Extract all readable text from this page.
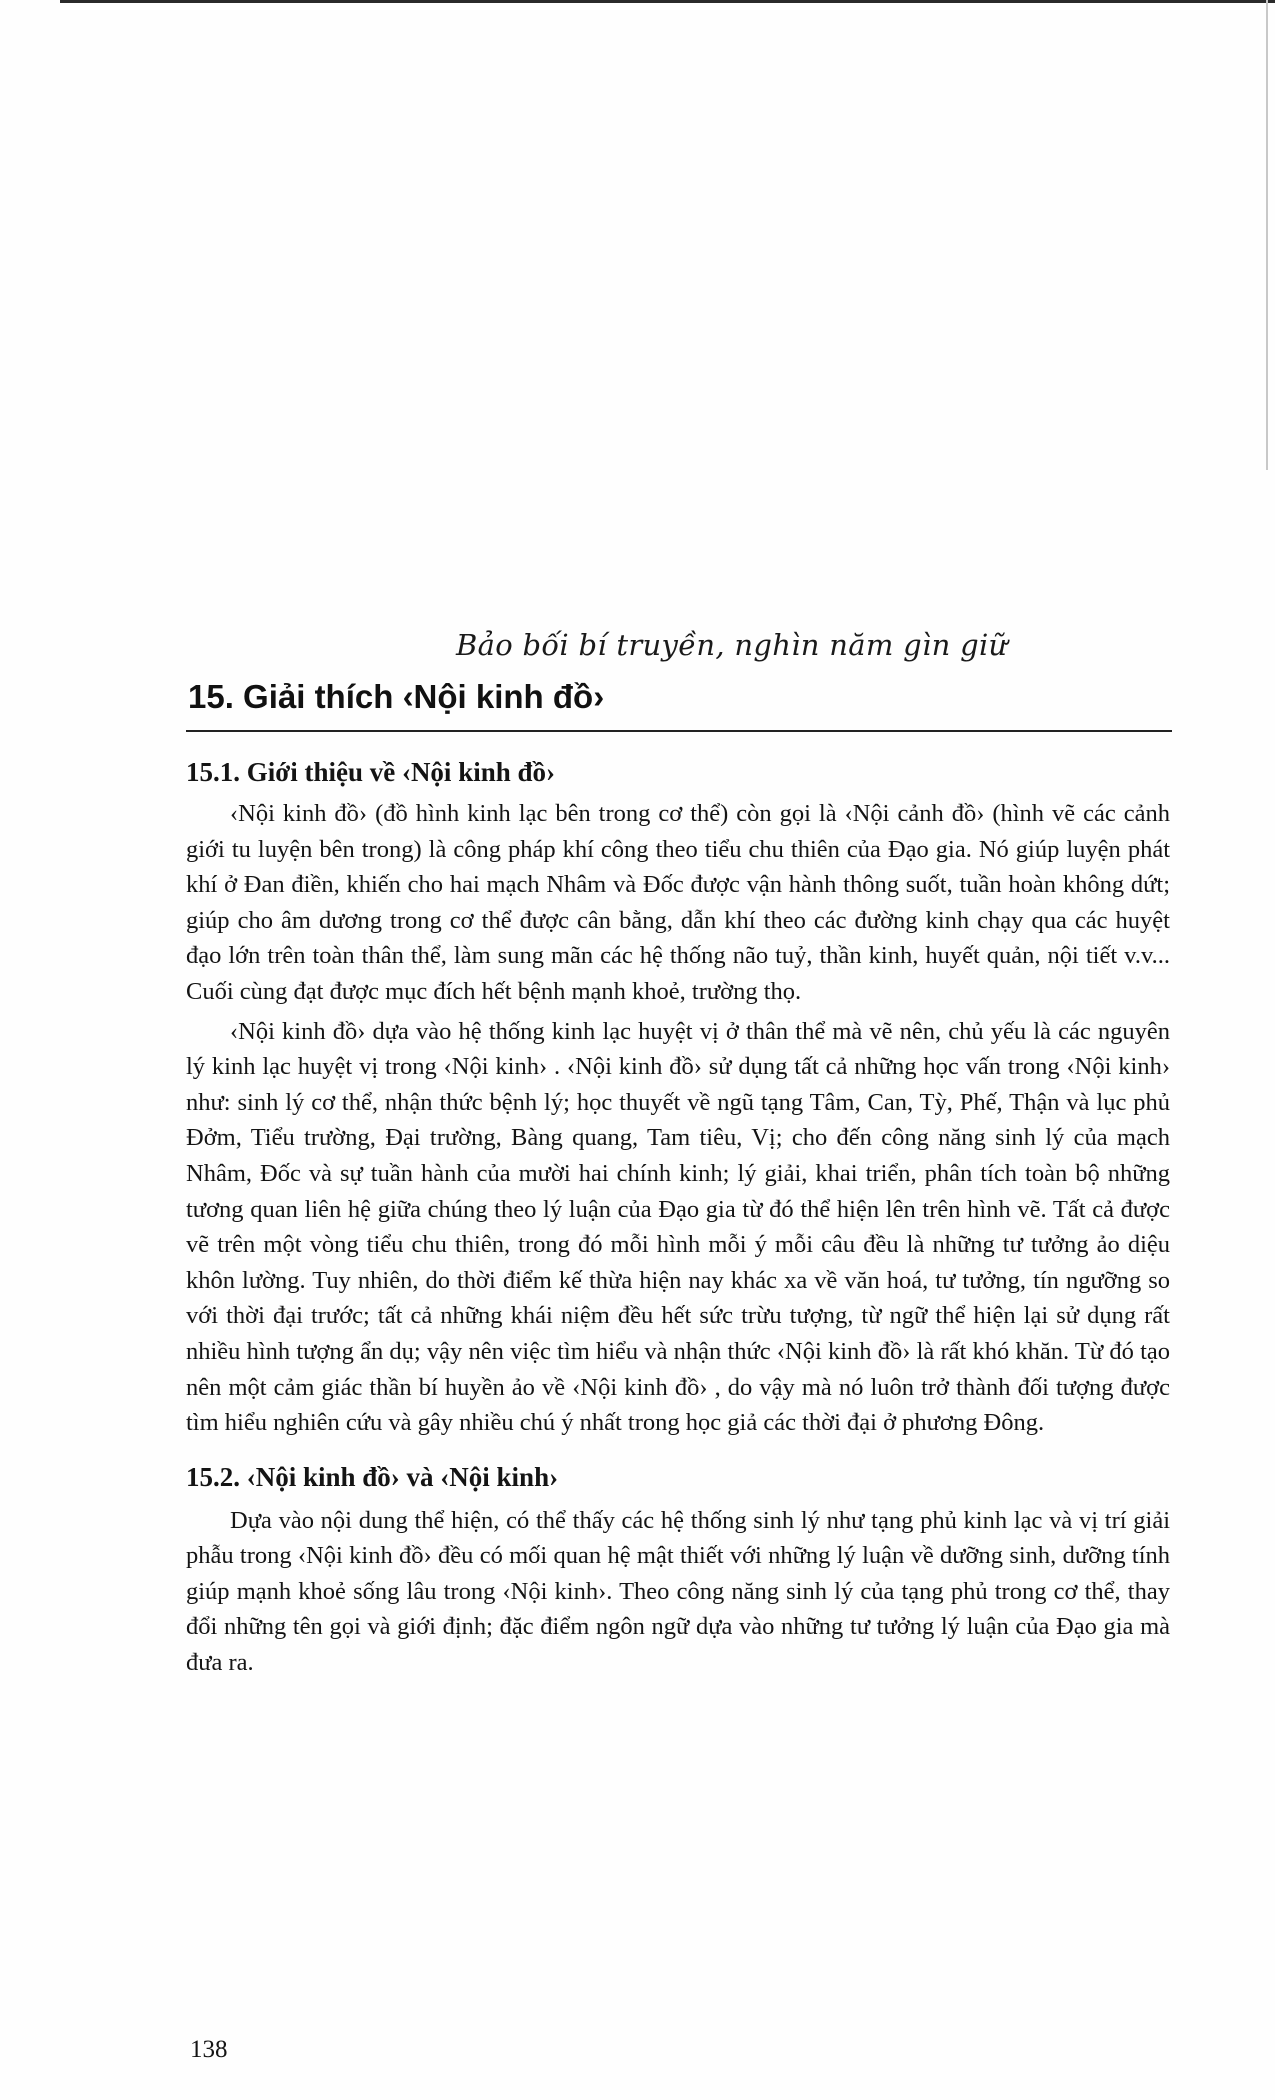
Bảo bối bí truyền, nghìn năm gìn giữ
15. Giải thích ‹Nội kinh đồ›
15.1. Giới thiệu về ‹Nội kinh đồ›

‹Nội kinh đồ› (đồ hình kinh lạc bên trong cơ thể) còn gọi là ‹Nội cảnh đồ› (hình vẽ các cảnh giới tu luyện bên trong) là công pháp khí công theo tiểu chu thiên của Đạo gia. Nó giúp luyện phát khí ở Đan điền, khiến cho hai mạch Nhâm và Đốc được vận hành thông suốt, tuần hoàn không dứt; giúp cho âm dương trong cơ thể được cân bằng, dẫn khí theo các đường kinh chạy qua các huyệt đạo lớn trên toàn thân thể, làm sung mãn các hệ thống não tuỷ, thần kinh, huyết quản, nội tiết v.v... Cuối cùng đạt được mục đích hết bệnh mạnh khoẻ, trường thọ.

‹Nội kinh đồ› dựa vào hệ thống kinh lạc huyệt vị ở thân thể mà vẽ nên, chủ yếu là các nguyên lý kinh lạc huyệt vị trong ‹Nội kinh› . ‹Nội kinh đồ› sử dụng tất cả những học vấn trong ‹Nội kinh› như: sinh lý cơ thể, nhận thức bệnh lý; học thuyết về ngũ tạng Tâm, Can, Tỳ, Phế, Thận và lục phủ Đởm, Tiểu trường, Đại trường, Bàng quang, Tam tiêu, Vị; cho đến công năng sinh lý của mạch Nhâm, Đốc và sự tuần hành của mười hai chính kinh; lý giải, khai triển, phân tích toàn bộ những tương quan liên hệ giữa chúng theo lý luận của Đạo gia từ đó thể hiện lên trên hình vẽ. Tất cả được vẽ trên một vòng tiểu chu thiên, trong đó mỗi hình mỗi ý mỗi câu đều là những tư tưởng ảo diệu khôn lường. Tuy nhiên, do thời điểm kế thừa hiện nay khác xa về văn hoá, tư tưởng, tín ngưỡng so với thời đại trước; tất cả những khái niệm đều hết sức trừu tượng, từ ngữ thể hiện lại sử dụng rất nhiều hình tượng ẩn dụ; vậy nên việc tìm hiểu và nhận thức ‹Nội kinh đồ› là rất khó khăn. Từ đó tạo nên một cảm giác thần bí huyền ảo về ‹Nội kinh đồ› , do vậy mà nó luôn trở thành đối tượng được tìm hiểu nghiên cứu và gây nhiều chú ý nhất trong học giả các thời đại ở phương Đông.

15.2. ‹Nội kinh đồ› và ‹Nội kinh›

Dựa vào nội dung thể hiện, có thể thấy các hệ thống sinh lý như tạng phủ kinh lạc và vị trí giải phẫu trong ‹Nội kinh đồ› đều có mối quan hệ mật thiết với những lý luận về dưỡng sinh, dưỡng tính giúp mạnh khoẻ sống lâu trong ‹Nội kinh›. Theo công năng sinh lý của tạng phủ trong cơ thể, thay đổi những tên gọi và giới định; đặc điểm ngôn ngữ dựa vào những tư tưởng lý luận của Đạo gia mà đưa ra.

138
